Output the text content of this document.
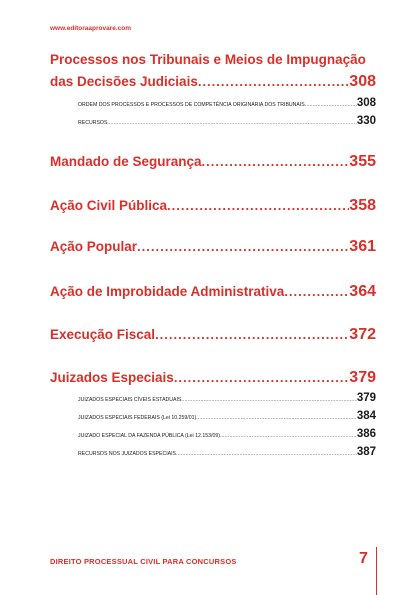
www.editoraaprovare.com
Processos nos Tribunais e Meios de Impugnação
das Decisões Judiciais .....	308
ORDEM DOS PROCESSOS E PROCESSOS DE COMPETÊNCIA ORIGINÁRIA DOS TRIBUNAIS .....	308
RECURSOS .....	330
Mandado de Segurança .....	355
Ação Civil Pública .....	358
Ação Popular .....	361
Ação de Improbidade Administrativa .....	364
Execução Fiscal .....	372
Juizados Especiais .....	379
JUIZADOS ESPECIAIS CÍVEIS ESTADUAIS .....	379
JUIZADOS ESPECIAIS FEDERAIS (Lei 10.259/01) .....	384
JUIZADO ESPECIAL DA FAZENDA PÚBLICA (Lei 12.153/09) .....	386
RECURSOS NOS JUIZADOS ESPECIAIS .....	387
DIREITO PROCESSUAL CIVIL PARA CONCURSOS	7
